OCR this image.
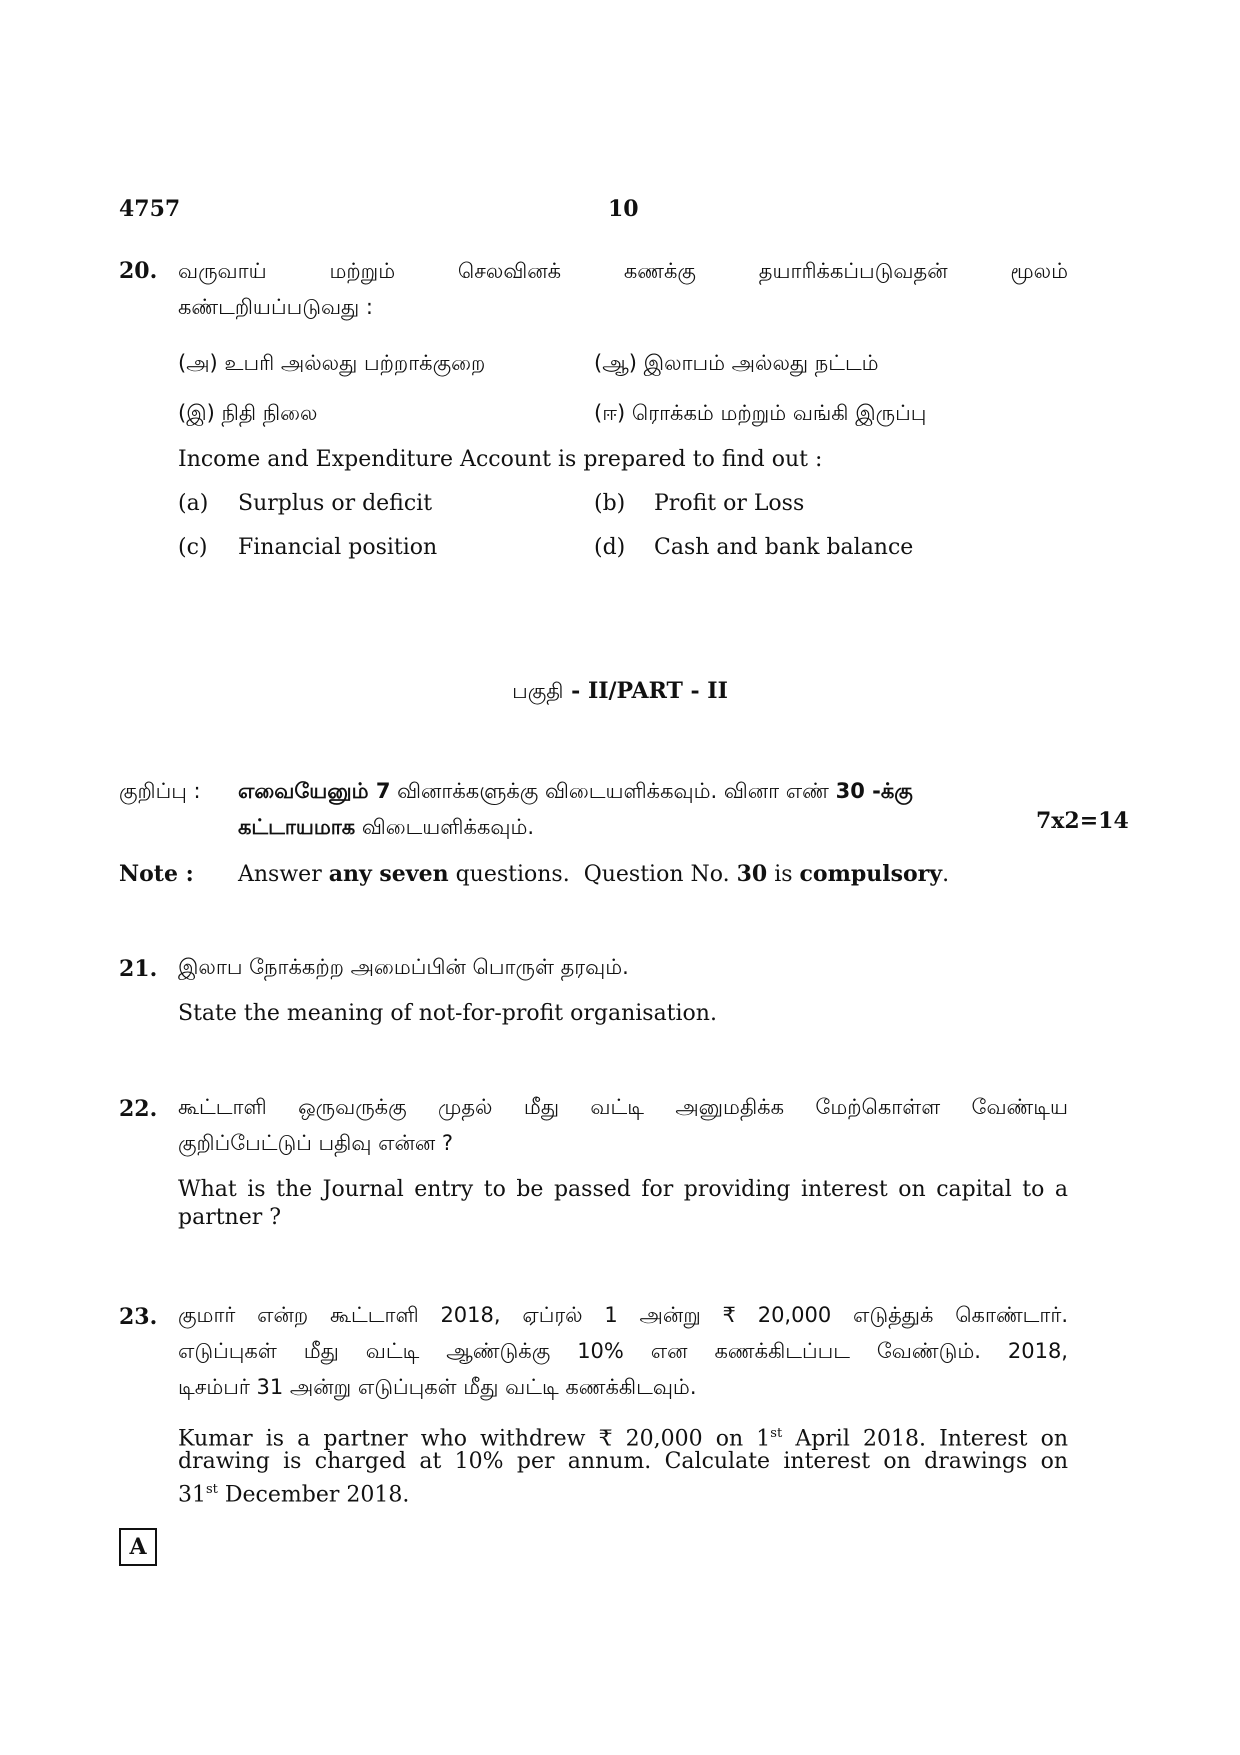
4757	10
20. வருவாய்	மற்றும்	செலவினக்	கணக்கு	தயாரிக்கப்படுவதன்	மூலம்
கண்டறியப்படுவது :
(அ) உபரி அல்லது பற்றாக்குறை	(ஆ) இலாபம் அல்லது நட்டம்
(இ) நிதி நிலை	(ஈ) ரொக்கம் மற்றும் வங்கி இருப்பு
Income and Expenditure Account is prepared to find out :
(a) Surplus or deficit	(b) Profit or Loss
(c) Financial position	(d) Cash and bank balance
பகுதி - II/PART - II
குறிப்பு : எவையேனும் 7 வினாக்களுக்கு விடையளிக்கவும். வினா எண் 30 -க்கு
கட்டாயமாக விடையளிக்கவும்.	7x2=14
Note : Answer any seven questions.  Question No. 30 is compulsory.
21. இலாப நோக்கற்ற அமைப்பின் பொருள் தரவும்.
State the meaning of not-for-profit organisation.
22. கூட்டாளி ஒருவருக்கு முதல் மீது வட்டி அனுமதிக்க மேற்கொள்ள வேண்டிய
குறிப்பேட்டுப் பதிவு என்ன ?
What is the Journal entry to be passed for providing interest on capital to a
partner ?
23. குமார் என்ற கூட்டாளி 2018, ஏப்ரல் 1 அன்று ₹ 20,000 எடுத்துக் கொண்டார்.
எடுப்புகள் மீது வட்டி ஆண்டுக்கு 10% என கணக்கிடப்பட வேண்டும். 2018,
டிசம்பர் 31 அன்று எடுப்புகள் மீது வட்டி கணக்கிடவும்.
Kumar is a partner who withdrew ₹ 20,000 on 1st April 2018. Interest on
drawing is charged at 10% per annum. Calculate interest on drawings on
31st December 2018.
A
